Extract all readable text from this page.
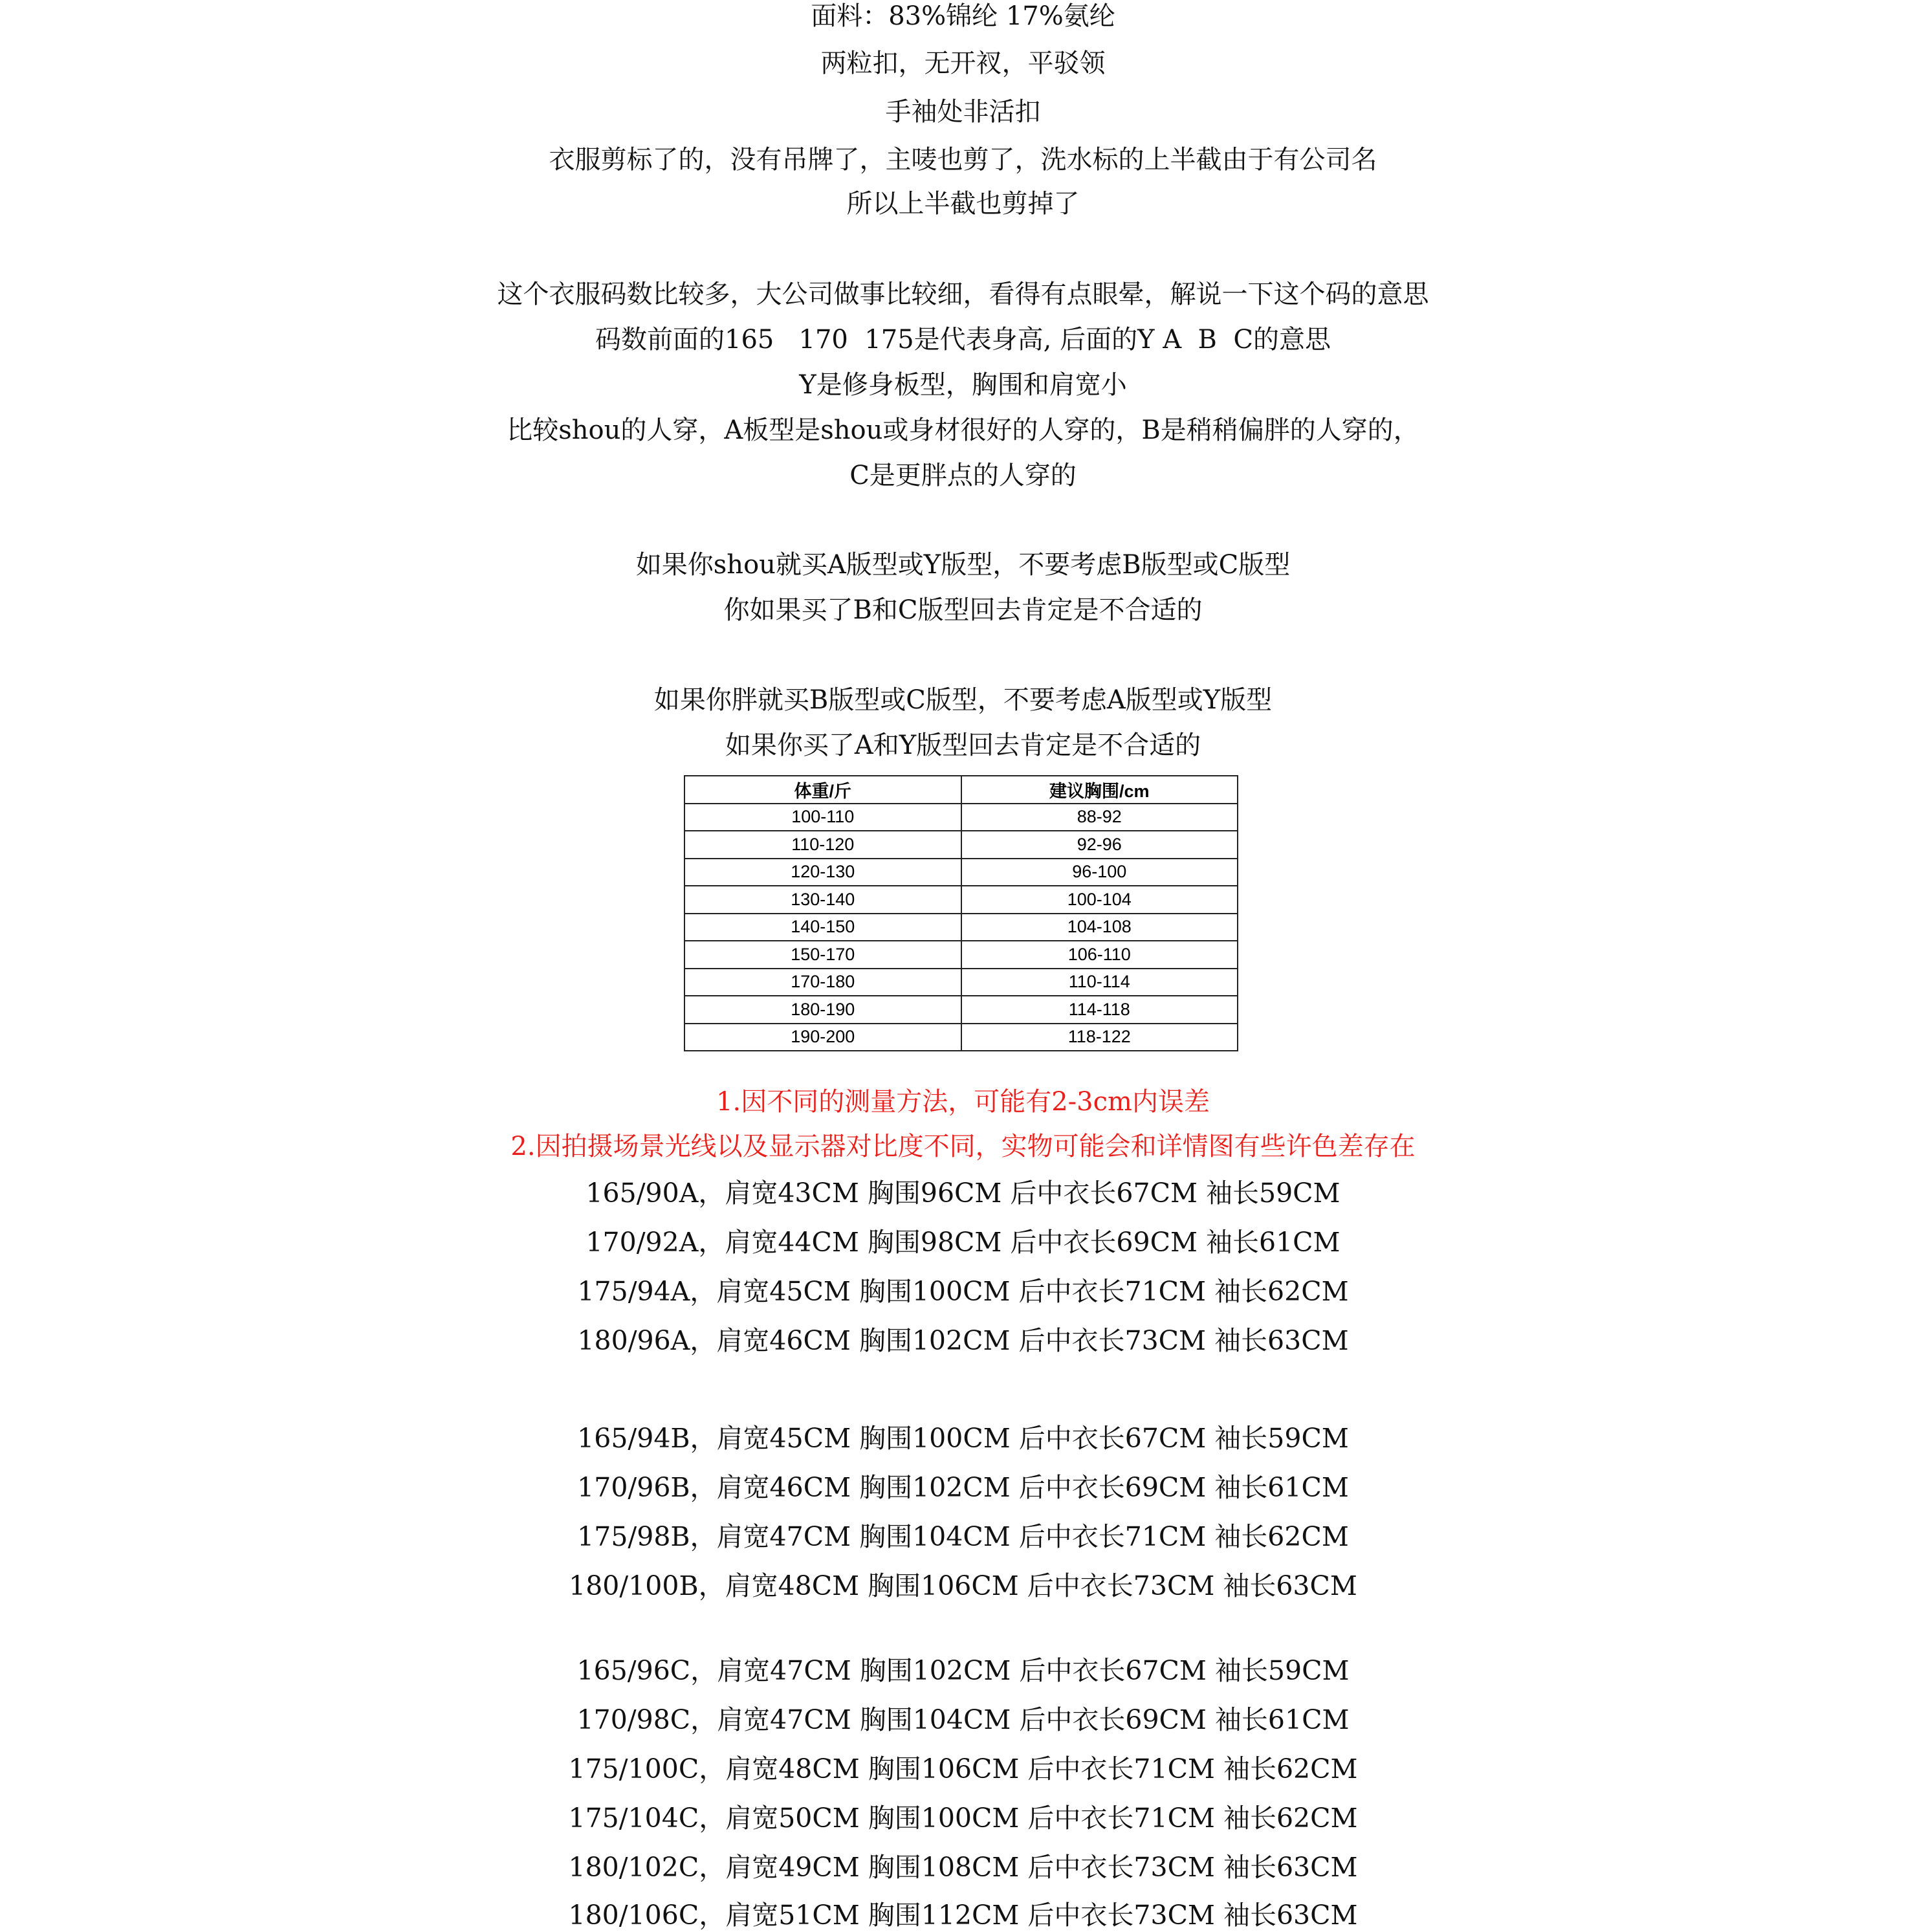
面料：83%锦纶 17%氨纶
两粒扣，无开衩，平驳领
手袖处非活扣
衣服剪标了的，没有吊牌了，主唛也剪了，洗水标的上半截由于有公司名
所以上半截也剪掉了
这个衣服码数比较多，大公司做事比较细，看得有点眼晕，解说一下这个码的意思
码数前面的165   170  175是代表身高, 后面的Y A  B  C的意思
Y是修身板型，胸围和肩宽小
比较shou的人穿，A板型是shou或身材很好的人穿的，B是稍稍偏胖的人穿的，
C是更胖点的人穿的
如果你shou就买A版型或Y版型，不要考虑B版型或C版型
你如果买了B和C版型回去肯定是不合适的
如果你胖就买B版型或C版型，不要考虑A版型或Y版型
如果你买了A和Y版型回去肯定是不合适的
体重/斤	建议胸围/cm
100-110	88-92
110-120	92-96
120-130	96-100
130-140	100-104
140-150	104-108
150-170	106-110
170-180	110-114
180-190	114-118
190-200	118-122
1.因不同的测量方法，可能有2-3cm内误差
2.因拍摄场景光线以及显示器对比度不同，实物可能会和详情图有些许色差存在
165/90A，肩宽43CM 胸围96CM 后中衣长67CM 袖长59CM
170/92A，肩宽44CM 胸围98CM 后中衣长69CM 袖长61CM
175/94A，肩宽45CM 胸围100CM 后中衣长71CM 袖长62CM
180/96A，肩宽46CM 胸围102CM 后中衣长73CM 袖长63CM
165/94B，肩宽45CM 胸围100CM 后中衣长67CM 袖长59CM
170/96B，肩宽46CM 胸围102CM 后中衣长69CM 袖长61CM
175/98B，肩宽47CM 胸围104CM 后中衣长71CM 袖长62CM
180/100B，肩宽48CM 胸围106CM 后中衣长73CM 袖长63CM
165/96C，肩宽47CM 胸围102CM 后中衣长67CM 袖长59CM
170/98C，肩宽47CM 胸围104CM 后中衣长69CM 袖长61CM
175/100C，肩宽48CM 胸围106CM 后中衣长71CM 袖长62CM
175/104C，肩宽50CM 胸围100CM 后中衣长71CM 袖长62CM
180/102C，肩宽49CM 胸围108CM 后中衣长73CM 袖长63CM
180/106C，肩宽51CM 胸围112CM 后中衣长73CM 袖长63CM
